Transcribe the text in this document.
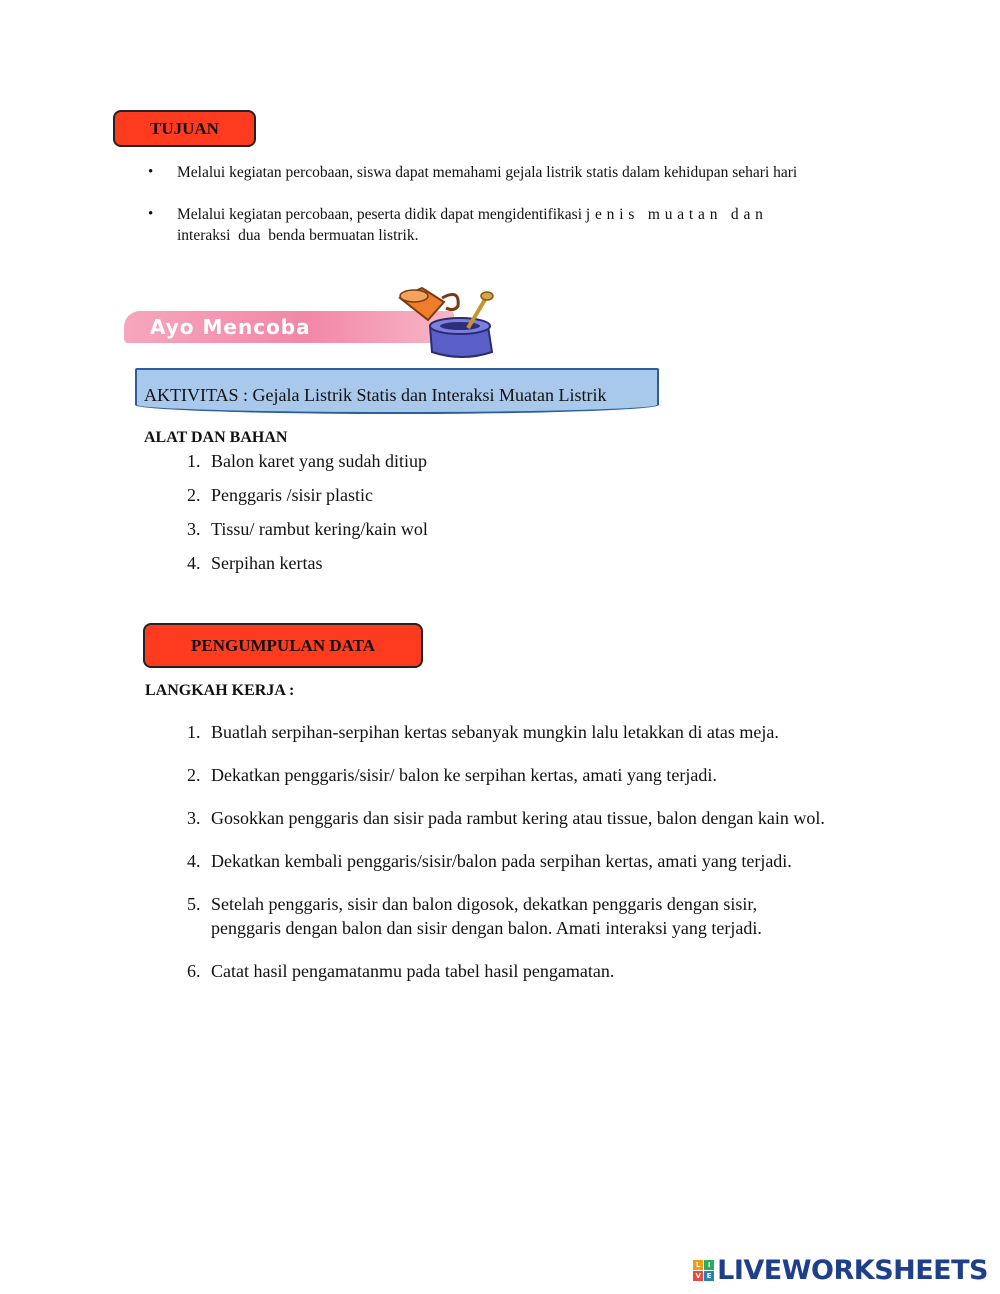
TUJUAN
• Melalui kegiatan percobaan, siswa dapat memahami gejala listrik statis dalam kehidupan sehari hari
• Melalui kegiatan percobaan, peserta didik dapat mengidentifikasi jenis muatan dan
interaksi  dua  benda bermuatan listrik.
Ayo Mencoba
AKTIVITAS : Gejala Listrik Statis dan Interaksi Muatan Listrik
ALAT DAN BAHAN
1. Balon karet yang sudah ditiup
2. Penggaris /sisir plastic
3. Tissu/ rambut kering/kain wol
4. Serpihan kertas
PENGUMPULAN DATA
LANGKAH KERJA :
1. Buatlah serpihan-serpihan kertas sebanyak mungkin lalu letakkan di atas meja.
2. Dekatkan penggaris/sisir/ balon ke serpihan kertas, amati yang terjadi.
3. Gosokkan penggaris dan sisir pada rambut kering atau tissue, balon dengan kain wol.
4. Dekatkan kembali penggaris/sisir/balon pada serpihan kertas, amati yang terjadi.
5. Setelah penggaris, sisir dan balon digosok, dekatkan penggaris dengan sisir, penggaris dengan balon dan sisir dengan balon. Amati interaksi yang terjadi.
6. Catat hasil pengamatanmu pada tabel hasil pengamatan.
L	I
V E LIVEWORKSHEETS
